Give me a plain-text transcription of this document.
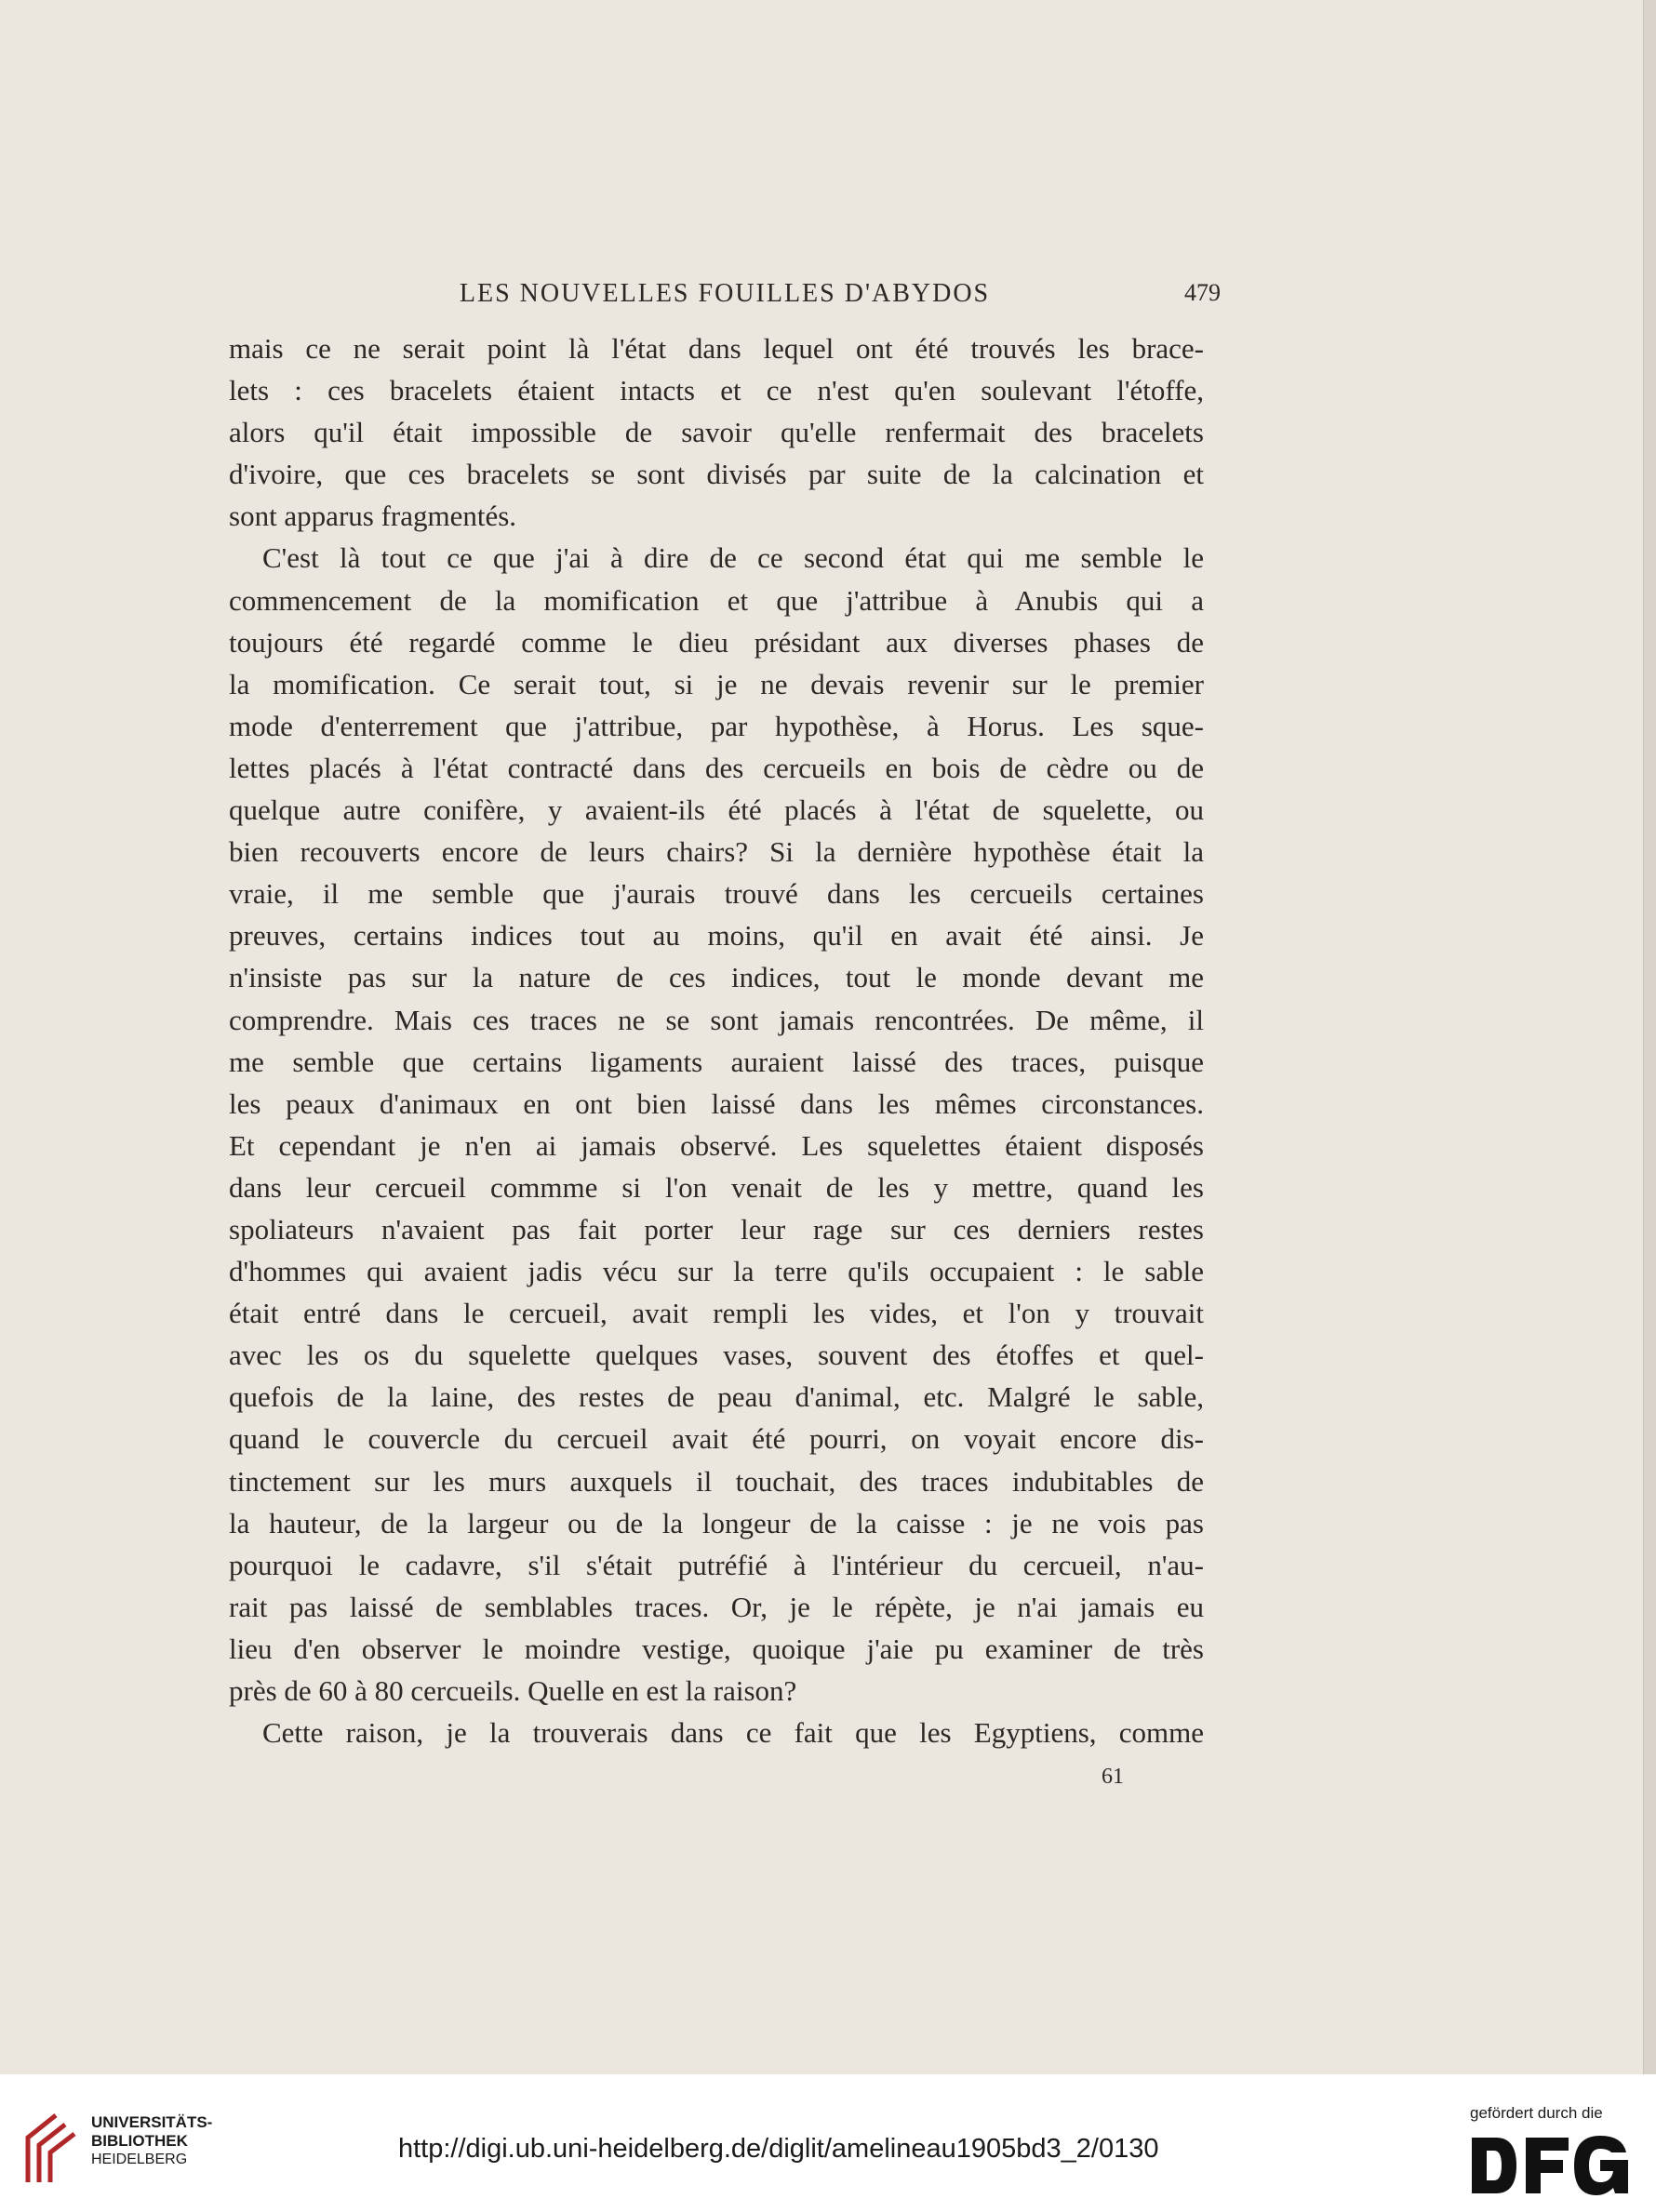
LES NOUVELLES FOUILLES D'ABYDOS	479
mais ce ne serait point là l'état dans lequel ont été trouvés les brace-
lets : ces bracelets étaient intacts et ce n'est qu'en soulevant l'étoffe,
alors qu'il était impossible de savoir qu'elle renfermait des bracelets
d'ivoire, que ces bracelets se sont divisés par suite de la calcination et
sont apparus fragmentés.
C'est là tout ce que j'ai à dire de ce second état qui me semble le
commencement de la momification et que j'attribue à Anubis qui a
toujours été regardé comme le dieu présidant aux diverses phases de
la momification. Ce serait tout, si je ne devais revenir sur le premier
mode d'enterrement que j'attribue, par hypothèse, à Horus. Les sque-
lettes placés à l'état contracté dans des cercueils en bois de cèdre ou de
quelque autre conifère, y avaient-ils été placés à l'état de squelette, ou
bien recouverts encore de leurs chairs? Si la dernière hypothèse était la
vraie, il me semble que j'aurais trouvé dans les cercueils certaines
preuves, certains indices tout au moins, qu'il en avait été ainsi. Je
n'insiste pas sur la nature de ces indices, tout le monde devant me
comprendre. Mais ces traces ne se sont jamais rencontrées. De même, il
me semble que certains ligaments auraient laissé des traces, puisque
les peaux d'animaux en ont bien laissé dans les mêmes circonstances.
Et cependant je n'en ai jamais observé. Les squelettes étaient disposés
dans leur cercueil commme si l'on venait de les y mettre, quand les
spoliateurs n'avaient pas fait porter leur rage sur ces derniers restes
d'hommes qui avaient jadis vécu sur la terre qu'ils occupaient : le sable
était entré dans le cercueil, avait rempli les vides, et l'on y trouvait
avec les os du squelette quelques vases, souvent des étoffes et quel-
quefois de la laine, des restes de peau d'animal, etc. Malgré le sable,
quand le couvercle du cercueil avait été pourri, on voyait encore dis-
tinctement sur les murs auxquels il touchait, des traces indubitables de
la hauteur, de la largeur ou de la longeur de la caisse : je ne vois pas
pourquoi le cadavre, s'il s'était putréfié à l'intérieur du cercueil, n'au-
rait pas laissé de semblables traces. Or, je le répète, je n'ai jamais eu
lieu d'en observer le moindre vestige, quoique j'aie pu examiner de très
près de 60 à 80 cercueils. Quelle en est la raison?
Cette raison, je la trouverais dans ce fait que les Egyptiens, comme
61
UNIVERSITÄTS-
BIBLIOTHEK
HEIDELBERG	http://digi.ub.uni-heidelberg.de/diglit/amelineau1905bd3_2/0130
gefördert durch die
